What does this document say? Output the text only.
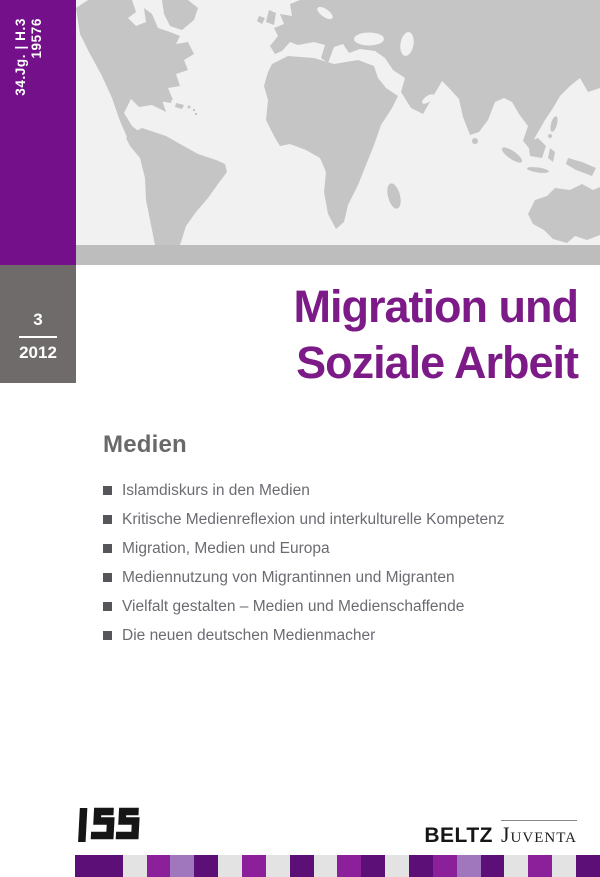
34.Jg. | H.3 19576
3
2012
Migration und
Soziale Arbeit
Medien
Islamdiskurs in den Medien
Kritische Medienreflexion und interkulturelle Kompetenz
Migration, Medien und Europa
Mediennutzung von Migrantinnen und Migranten
Vielfalt gestalten – Medien und Medienschaffende
Die neuen deutschen Medienmacher
BELTZ Juventa
